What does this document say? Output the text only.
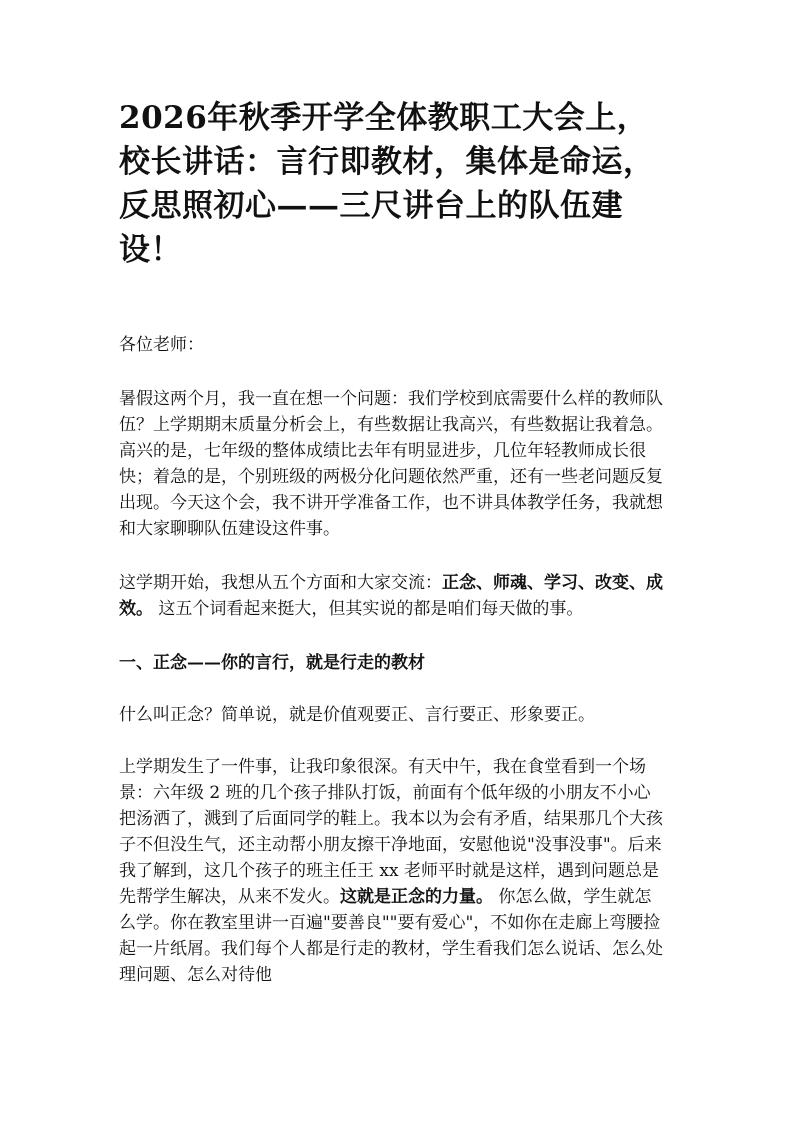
2026年秋季开学全体教职工大会上，校长讲话：言行即教材，集体是命运，反思照初心——三尺讲台上的队伍建设！

各位老师：

暑假这两个月，我一直在想一个问题：我们学校到底需要什么样的教师队伍？上学期期末质量分析会上，有些数据让我高兴，有些数据让我着急。高兴的是，七年级的整体成绩比去年有明显进步，几位年轻教师成长很快；着急的是，个别班级的两极分化问题依然严重，还有一些老问题反复出现。今天这个会，我不讲开学准备工作，也不讲具体教学任务，我就想和大家聊聊队伍建设这件事。

这学期开始，我想从五个方面和大家交流：正念、师魂、学习、改变、成效。 这五个词看起来挺大，但其实说的都是咱们每天做的事。

一、正念——你的言行，就是行走的教材

什么叫正念？简单说，就是价值观要正、言行要正、形象要正。

上学期发生了一件事，让我印象很深。有天中午，我在食堂看到一个场景：六年级 2 班的几个孩子排队打饭，前面有个低年级的小朋友不小心把汤洒了，溅到了后面同学的鞋上。我本以为会有矛盾，结果那几个大孩子不但没生气，还主动帮小朋友擦干净地面，安慰他说"没事没事"。后来我了解到，这几个孩子的班主任王 xx 老师平时就是这样，遇到问题总是先帮学生解决，从来不发火。这就是正念的力量。 你怎么做，学生就怎么学。你在教室里讲一百遍"要善良""要有爱心"，不如你在走廊上弯腰捡起一片纸屑。我们每个人都是行走的教材，学生看我们怎么说话、怎么处理问题、怎么对待他
